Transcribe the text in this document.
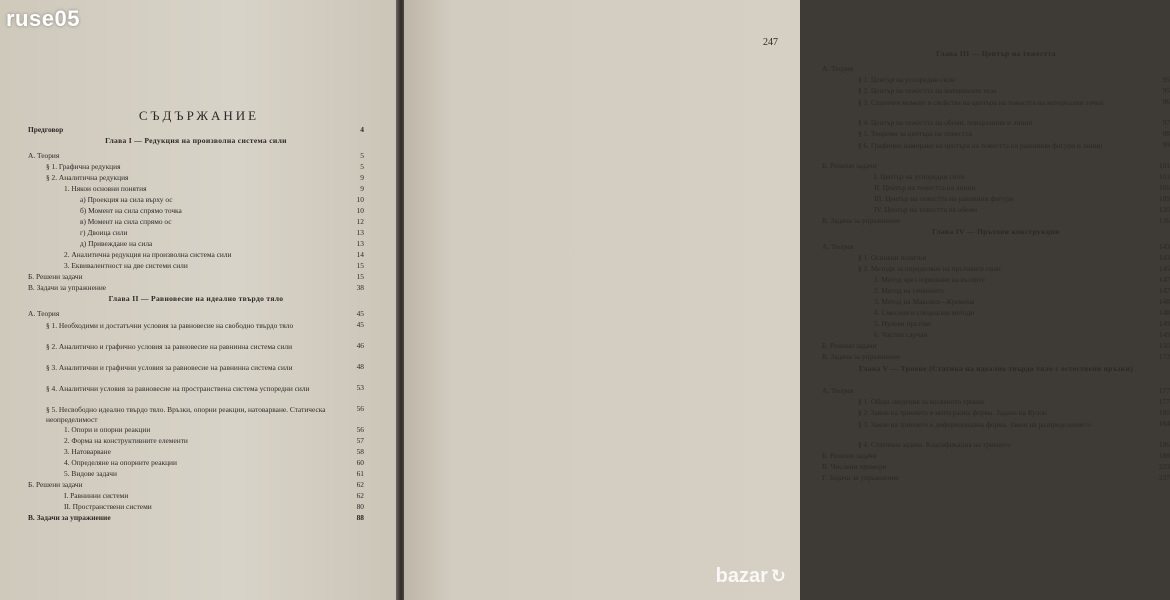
СЪДЪРЖАНИЕ
Предговор	4
Глава I — Редукция на произволна система сили
А. Теория	5
§ 1. Графична редукция	5
§ 2. Аналитична редукция	9
1. Някои основни понятия	9
а) Проекция на сила върху ос	10
б) Момент на сила спрямо точка	10
в) Момент на сила спрямо ос	12
г) Двоица сили	13
д) Привеждане на сила	13
2. Аналитична редукция на произволна система сили	14
3. Еквивалентност на две системи сили	15
Б. Решени задачи	15
В. Задачи за упражнение	38
Глава II — Равновесие на идеално твърдо тяло
А. Теория	45
§ 1. Необходими и достатъчни условия за равновесие на свободно твърдо тяло	45
§ 2. Аналитично и графично условия за равновесие на равнинна система сили	46
§ 3. Аналитични и графични условия за равновесие на равнинна система сили	48
§ 4. Аналитични условия за равновесие на пространствена система успоредни сили	53
§ 5. Несвободно идеално твърдо тяло. Връзки, опорни реакции, натоварване. Статическа неопределимост
56
1. Опори и опорни реакции	56
2. Форма на конструктивните елементи	57
3. Натоварване	58
4. Определяне на опорните реакции	60
5. Видове задачи	61
Б. Решени задачи	62
I. Равнинни системи	62
II. Пространствени системи	80
В. Задачи за упражнение	88
247
Глава III — Център на тежестта
А. Теория
§ 1. Център на успоредни сили	95
§ 2. Център на тежестта на материални тела	95
§ 3. Статичен момент и свойства на центъра на тежестта на материални точки	96
§ 4. Център на тежестта на обеми, повърхнини и линии	97
§ 5. Теореми за центъра на тежестта	98
§ 6. Графично намиране на центъра на тежестта на равнинни фигури и линии	99
Б. Решени задачи	101
I. Център на успоредни сили	101
II. Център на тежестта на линии	106
III. Център на тежестта на равнинни фигури	109
IV. Център на тежестта на обеми	120
В. Задачи за упражнение	136
Глава IV — Прътови конструкции
А. Теория	143
§ 1. Основни понятия	143
§ 2. Методи за определяне на прътовите сили	145
1. Метод чрез изрязване на възлите	147
2. Метод на сечението	147
3. Метод на Максвел—Кремона	148
4. Смесени и специални методи	148
5. Нулеви прътове	149
6. Частни случаи	149
Б. Решени задачи	150
В. Задачи за упражнение	172
Глава V — Триене (Статика на идеално твърдо тяло с естествени връзки)
А. Теория	177
§ 1. Общи сведения за косвеното триене	177
§ 2. Закон на триенето в интегрална форма. Задача на Кулон	180
§ 3. Закон на триенето в диференциална форма. Закон на разпределението	184
§ 4. Статична задача. Класификация на триенето	186
Б. Решени задачи	188
В. Числени примери	223
Г. Задачи за упражнение	237
ruse05
bazar ↻
